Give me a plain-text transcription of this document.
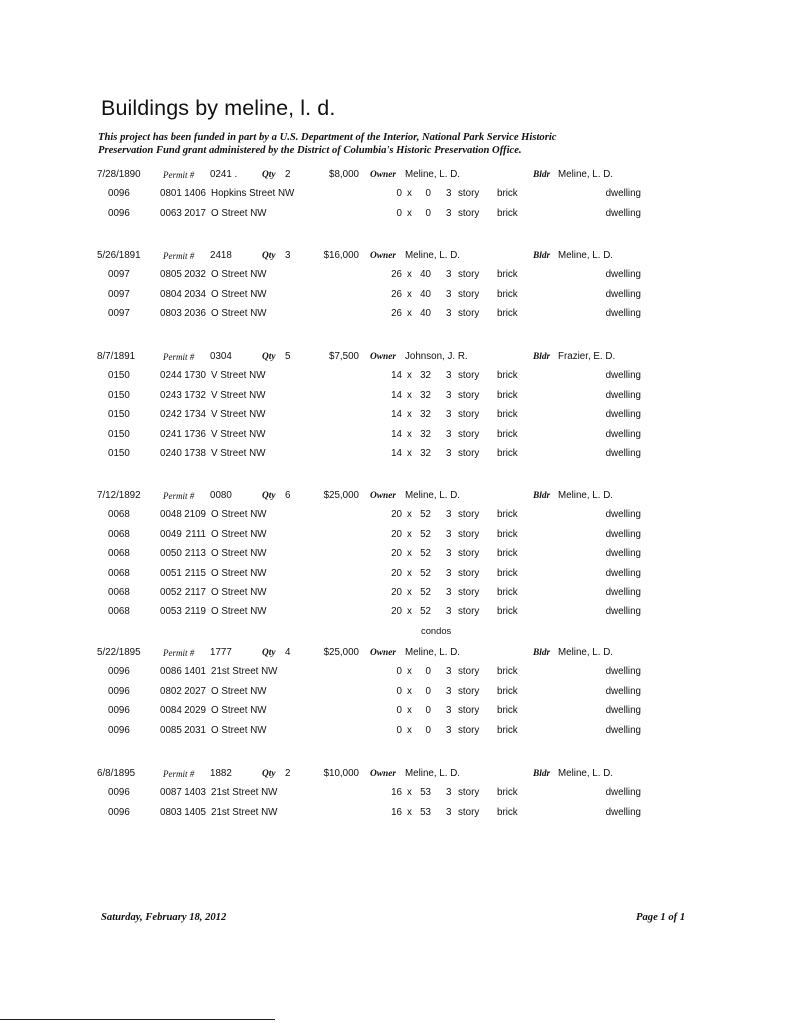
Buildings by meline, l. d.
This project has been funded in part by a U.S. Department of the Interior, National Park Service Historic
Preservation Fund grant administered by the District of Columbia's Historic Preservation Office.
7/28/1890 Permit # 0241 .	Qty 2	$8,000 Owner Meline, L. D.	Bldr Meline, L. D.
0096	0801 1406 Hopkins Street NW	0 x	0 3 story brick	dwelling
0096	0063 2017 O Street NW	0 x	0 3 story brick	dwelling
5/26/1891 Permit # 2418	Qty 3	$16,000 Owner Meline, L. D.	Bldr Meline, L. D.
0097	0805 2032 O Street NW	26 x 40 3 story brick	dwelling
0097	0804 2034 O Street NW	26 x 40 3 story brick	dwelling
0097	0803 2036 O Street NW	26 x 40 3 story brick	dwelling
8/7/1891	Permit # 0304	Qty 5	$7,500 Owner Johnson, J. R.	Bldr Frazier, E. D.
0150	0244 1730 V Street NW	14 x 32 3 story brick	dwelling
0150	0243 1732 V Street NW	14 x 32 3 story brick	dwelling
0150	0242 1734 V Street NW	14 x 32 3 story brick	dwelling
0150	0241 1736 V Street NW	14 x 32 3 story brick	dwelling
0150	0240 1738 V Street NW	14 x 32 3 story brick	dwelling
7/12/1892 Permit # 0080	Qty 6	$25,000 Owner Meline, L. D.	Bldr Meline, L. D.
0068	0048 2109 O Street NW	20 x 52 3 story brick	dwelling
0068	0049 2111 O Street NW	20 x 52 3 story brick	dwelling
0068	0050 2113 O Street NW	20 x 52 3 story brick	dwelling
0068	0051 2115 O Street NW	20 x 52 3 story brick	dwelling
0068	0052 2117 O Street NW	20 x 52 3 story brick	dwelling
0068	0053 2119 O Street NW	20 x 52 3 story brick	dwelling
condos
5/22/1895 Permit # 1777	Qty 4	$25,000 Owner Meline, L. D.	Bldr Meline, L. D.
0096	0086 1401 21st Street NW	0 x	0 3 story brick	dwelling
0096	0802 2027 O Street NW	0 x	0 3 story brick	dwelling
0096	0084 2029 O Street NW	0 x	0 3 story brick	dwelling
0096	0085 2031 O Street NW	0 x	0 3 story brick	dwelling
6/8/1895	Permit # 1882	Qty 2	$10,000 Owner Meline, L. D.	Bldr Meline, L. D.
0096	0087 1403 21st Street NW	16 x 53 3 story brick	dwelling
0096	0803 1405 21st Street NW	16 x 53 3 story brick	dwelling
Saturday, February 18, 2012	Page 1 of 1
